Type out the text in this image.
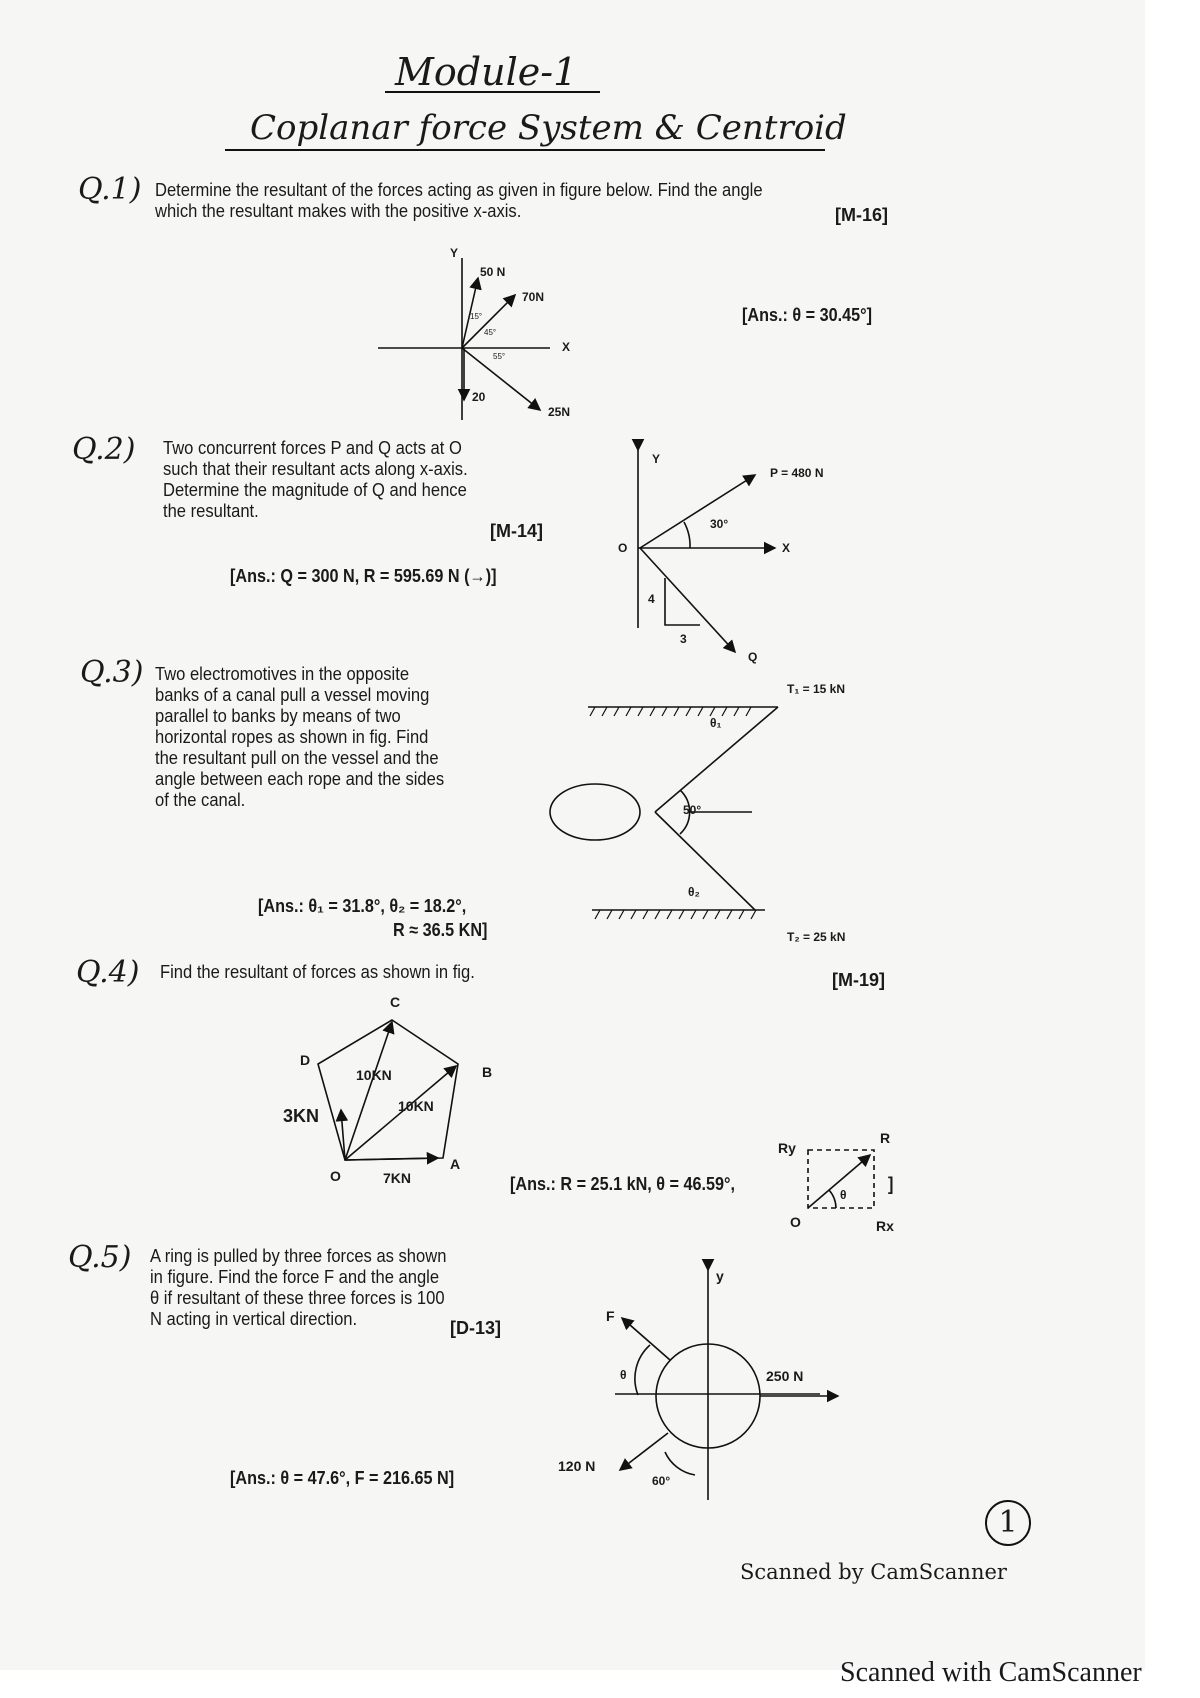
Module-1
Coplanar force System & Centroid
Q.1) Determine the resultant of the forces acting as given in figure below. Find the angle
which the resultant makes with the positive x-axis.	[M-16]
[Ans.: θ = 30.45°]
Y
X
50 N
70N
20
25N
15°
45°
55°
Q.2) Two concurrent forces P and Q acts at O
such that their resultant acts along x-axis.
Determine the magnitude of Q and hence
the resultant.
[M-14]
[Ans.: Q = 300 N, R = 595.69 N (→)]
Y
X
O
P = 480 N
30°
4
3
Q
Q.3) Two electromotives in the opposite
banks of a canal pull a vessel moving
parallel to banks by means of two
horizontal ropes as shown in fig. Find
the resultant pull on the vessel and the
angle between each rope and the sides
of the canal.
[Ans.: θ₁ = 31.8°, θ₂ = 18.2°,
R ≈ 36.5 KN]
T₁ = 15 kN
T₂ = 25 kN
θ₁
θ₂
50°
Q.4) Find the resultant of forces as shown in fig.	[M-19]
C
D
B
A
O
10KN
10KN
3KN
7KN	[Ans.: R = 25.1 kN, θ = 46.59°,	]
Ry
Rx
R
θ
O
Q.5) A ring is pulled by three forces as shown
in figure. Find the force F and the angle
θ if resultant of these three forces is 100
N acting in vertical direction.	[D-13]
[Ans.: θ = 47.6°, F = 216.65 N]
F
y
θ	250 N
120 N
60°
1
Scanned by CamScanner
Scanned with CamScanner
